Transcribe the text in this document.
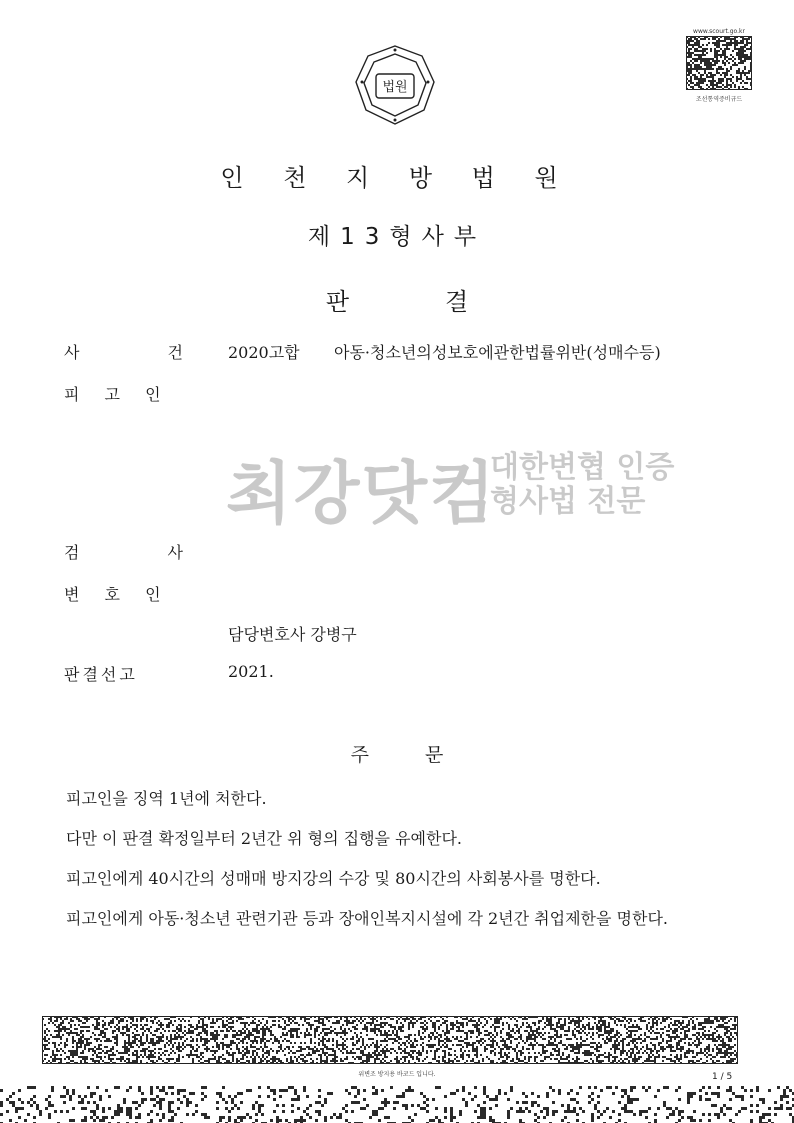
법원
www.scourt.go.kr
조선통역증비규드
인 천 지 방 법 원
제13형사부
판	결
사　　　건 2020고합 아동·청소년의성보호에관한법률위반(성매수등)
피 고 인
최강닷컴
대한변협 인증
형사법 전문
검　　　사
변 호 인
담당변호사 강병구
판결선고	2021.
주	문
피고인을 징역 1년에 처한다.
다만 이 판결 확정일부터 2년간 위 형의 집행을 유예한다.
피고인에게 40시간의 성매매 방지강의 수강 및 80시간의 사회봉사를 명한다.
피고인에게 아동·청소년 관련기관 등과 장애인복지시설에 각 2년간 취업제한을 명한다.
위변조 방지용 바코드 입니다.	1 / 5
